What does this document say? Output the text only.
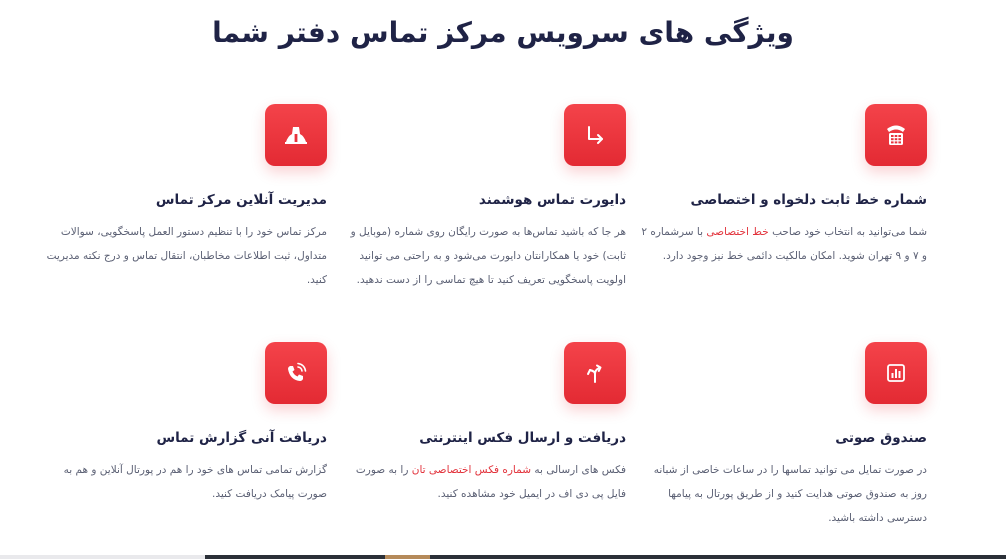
ویژگی های سرویس مرکز تماس دفتر شما
شماره خط ثابت دلخواه و اختصاصی
شما می‌توانید به انتخاب خود صاحب خط اختصاصی با سرشماره ۲ و ۷ و ۹ تهران شوید. امکان مالکیت دائمی خط نیز وجود دارد.
دایورت تماس هوشمند
هر جا که باشید تماس‌ها به صورت رایگان روی شماره (موبایل و ثابت) خود یا همکارانتان دایورت می‌شود و به راحتی می توانید اولویت پاسخگویی تعریف کنید تا هیچ تماسی را از دست ندهید.
مدیریت آنلاین مرکز تماس
مرکز تماس خود را با تنظیم دستور العمل پاسخگویی، سوالات متداول، ثبت اطلاعات مخاطبان، انتقال تماس و درج نکته مدیریت کنید.
صندوق صوتی
در صورت تمایل می توانید تماسها را در ساعات خاصی از شبانه روز به صندوق صوتی هدایت کنید و از طریق پورتال به پیامها دسترسی داشته باشید.
دریافت و ارسال فکس اینترنتی
فکس های ارسالی به شماره فکس اختصاصی تان را به صورت فایل پی دی اف در ایمیل خود مشاهده کنید.
دریافت آنی گزارش تماس
گزارش تمامی تماس های خود را هم در پورتال آنلاین و هم به صورت پیامک دریافت کنید.
